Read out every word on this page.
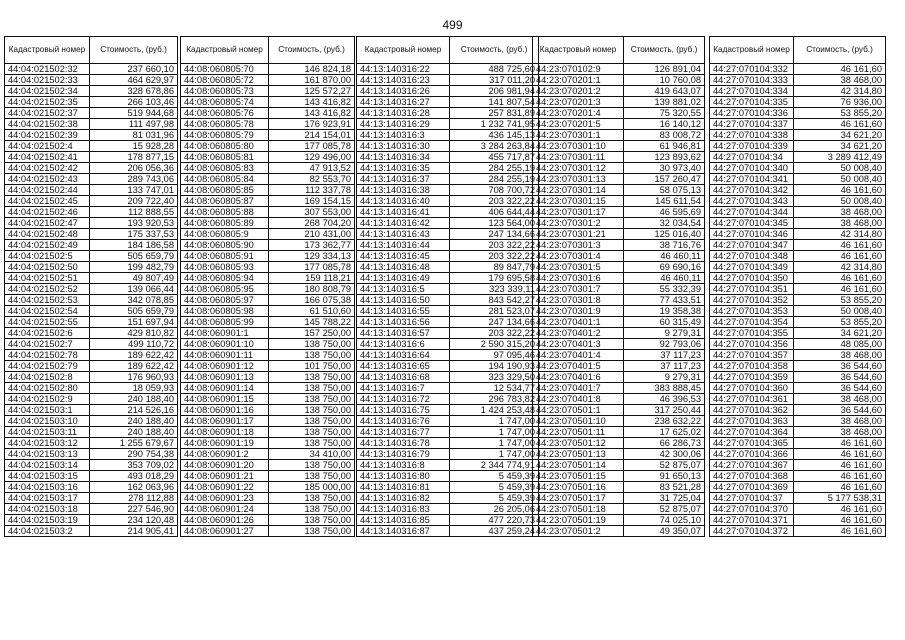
499
Кадастровый номер	Стоимость, (руб.)
44:04:021502:32	237 660,10
44:04:021502:33	464 629,97
44:04:021502:34	328 678,86
44:04:021502:35	266 103,46
44:04:021502:37	519 944,68
44:04:021502:38	111 497,98
44:04:021502:39	81 031,96
44:04:021502:4	15 928,28
44:04:021502:41	178 877,15
44:04:021502:42	206 056,36
44:04:021502:43	289 743,06
44:04:021502:44	133 747,01
44:04:021502:45	209 722,40
44:04:021502:46	112 888,55
44:04:021502:47	193 920,53
44:04:021502:48	175 337,53
44:04:021502:49	184 186,58
44:04:021502:5	505 659,79
44:04:021502:50	199 482,79
44:04:021502:51	49 807,49
44:04:021502:52	139 066,44
44:04:021502:53	342 078,85
44:04:021502:54	505 659,79
44:04:021502:55	151 697,94
44:04:021502:6	429 810,82
44:04:021502:7	499 110,72
44:04:021502:78	189 622,42
44:04:021502:79	189 622,42
44:04:021502:8	176 960,93
44:04:021502:80	18 059,93
44:04:021502:9	240 188,40
44:04:021503:1	214 526,16
44:04:021503:10	240 188,40
44:04:021503:11	240 188,40
44:04:021503:12	1 255 679,67
44:04:021503:13	290 754,38
44:04:021503:14	353 709,02
44:04:021503:15	493 018,29
44:04:021503:16	162 063,96
44:04:021503:17	278 112,88
44:04:021503:18	227 546,90
44:04:021503:19	234 120,48
44:04:021503:2	214 905,41
Кадастровый номер	Стоимость, (руб.)
44:08:060805:70	146 824,18
44:08:060805:72	161 870,00
44:08:060805:73	125 572,27
44:08:060805:74	143 416,82
44:08:060805:76	143 416,82
44:08:060805:78	176 923,91
44:08:060805:79	214 154,01
44:08:060805:80	177 085,78
44:08:060805:81	129 496,00
44:08:060805:83	47 913,52
44:08:060805:84	82 553,70
44:08:060805:85	112 337,78
44:08:060805:87	169 154,15
44:08:060805:88	307 553,00
44:08:060805:89	268 704,20
44:08:060805:9	210 431,00
44:08:060805:90	173 362,77
44:08:060805:91	129 334,13
44:08:060805:93	177 085,78
44:08:060805:94	159 118,21
44:08:060805:95	180 808,79
44:08:060805:97	166 075,38
44:08:060805:98	61 510,60
44:08:060805:99	145 788,22
44:08:060901:1	157 250,00
44:08:060901:10	138 750,00
44:08:060901:11	138 750,00
44:08:060901:12	101 750,00
44:08:060901:13	138 750,00
44:08:060901:14	138 750,00
44:08:060901:15	138 750,00
44:08:060901:16	138 750,00
44:08:060901:17	138 750,00
44:08:060901:18	138 750,00
44:08:060901:19	138 750,00
44:08:060901:2	34 410,00
44:08:060901:20	138 750,00
44:08:060901:21	138 750,00
44:08:060901:22	185 000,00
44:08:060901:23	138 750,00
44:08:060901:24	138 750,00
44:08:060901:26	138 750,00
44:08:060901:27	138 750,00
Кадастровый номер	Стоимость, (руб.)
44:13:140316:22	488 725,60
44:13:140316:23	317 011,20
44:13:140316:26	206 981,94
44:13:140316:27	141 807,54
44:13:140316:28	257 831,89
44:13:140316:29	1 232 741,95
44:13:140316:3	436 145,13
44:13:140316:30	3 284 263,84
44:13:140316:34	455 717,87
44:13:140316:35	284 255,19
44:13:140316:37	284 255,19
44:13:140316:38	708 700,72
44:13:140316:40	203 322,22
44:13:140316:41	406 644,44
44:13:140316:42	123 564,00
44:13:140316:43	247 134,66
44:13:140316:44	203 322,22
44:13:140316:45	203 322,22
44:13:140316:48	89 847,79
44:13:140316:49	179 695,58
44:13:140316:5	323 339,11
44:13:140316:50	843 542,27
44:13:140316:55	281 523,07
44:13:140316:56	247 134,66
44:13:140316:57	203 322,22
44:13:140316:6	2 590 315,20
44:13:140316:64	97 095,46
44:13:140316:65	194 190,93
44:13:140316:68	323 329,50
44:13:140316:7	12 534,77
44:13:140316:72	296 783,82
44:13:140316:75	1 424 253,48
44:13:140316:76	1 747,00
44:13:140316:77	1 747,00
44:13:140316:78	1 747,00
44:13:140316:79	1 747,00
44:13:140316:8	2 344 774,91
44:13:140316:80	5 459,39
44:13:140316:81	5 459,39
44:13:140316:82	5 459,39
44:13:140316:83	26 205,06
44:13:140316:85	477 220,73
44:13:140316:87	437 259,24
Кадастровый номер	Стоимость, (руб.)
44:23:070102:9	126 891,04
44:23:070201:1	10 760,08
44:23:070201:2	419 643,07
44:23:070201:3	139 881,02
44:23:070201:4	75 320,55
44:23:070201:5	16 140,12
44:23:070301:1	83 008,72
44:23:070301:10	61 946,81
44:23:070301:11	123 893,62
44:23:070301:12	30 973,40
44:23:070301:13	157 260,47
44:23:070301:14	58 075,13
44:23:070301:15	145 611,54
44:23:070301:17	46 595,69
44:23:070301:2	32 034,54
44:23:070301:21	125 016,40
44:23:070301:3	38 716,76
44:23:070301:4	46 460,11
44:23:070301:5	69 690,16
44:23:070301:6	46 460,11
44:23:070301:7	55 332,39
44:23:070301:8	77 433,51
44:23:070301:9	19 358,38
44:23:070401:1	60 315,49
44:23:070401:2	9 279,31
44:23:070401:3	92 793,06
44:23:070401:4	37 117,23
44:23:070401:5	37 117,23
44:23:070401:6	9 279,31
44:23:070401:7	383 888,45
44:23:070401:8	46 396,53
44:23:070501:1	317 250,44
44:23:070501:10	238 632,22
44:23:070501:11	17 625,02
44:23:070501:12	66 286,73
44:23:070501:13	42 300,06
44:23:070501:14	52 875,07
44:23:070501:15	91 650,13
44:23:070501:16	83 521,28
44:23:070501:17	31 725,04
44:23:070501:18	52 875,07
44:23:070501:19	74 025,10
44:23:070501:2	49 350,07
Кадастровый номер	Стоимость, (руб.)
44:27:070104:332	46 161,60
44:27:070104:333	38 468,00
44:27:070104:334	42 314,80
44:27:070104:335	76 936,00
44:27:070104:336	53 855,20
44:27:070104:337	46 161,60
44:27:070104:338	34 621,20
44:27:070104:339	34 621,20
44:27:070104:34	3 289 412,49
44:27:070104:340	50 008,40
44:27:070104:341	50 008,40
44:27:070104:342	46 161,60
44:27:070104:343	50 008,40
44:27:070104:344	38 468,00
44:27:070104:345	38 468,00
44:27:070104:346	42 314,80
44:27:070104:347	46 161,60
44:27:070104:348	46 161,60
44:27:070104:349	42 314,80
44:27:070104:350	46 161,60
44:27:070104:351	46 161,60
44:27:070104:352	53 855,20
44:27:070104:353	50 008,40
44:27:070104:354	53 855,20
44:27:070104:355	34 621,20
44:27:070104:356	48 085,00
44:27:070104:357	38 468,00
44:27:070104:358	36 544,60
44:27:070104:359	36 544,60
44:27:070104:360	36 544,60
44:27:070104:361	38 468,00
44:27:070104:362	36 544,60
44:27:070104:363	38 468,00
44:27:070104:364	38 468,00
44:27:070104:365	46 161,60
44:27:070104:366	46 161,60
44:27:070104:367	46 161,60
44:27:070104:368	46 161,60
44:27:070104:369	46 161,60
44:27:070104:37	5 177 538,31
44:27:070104:370	46 161,60
44:27:070104:371	46 161,60
44:27:070104:372	46 161,60
